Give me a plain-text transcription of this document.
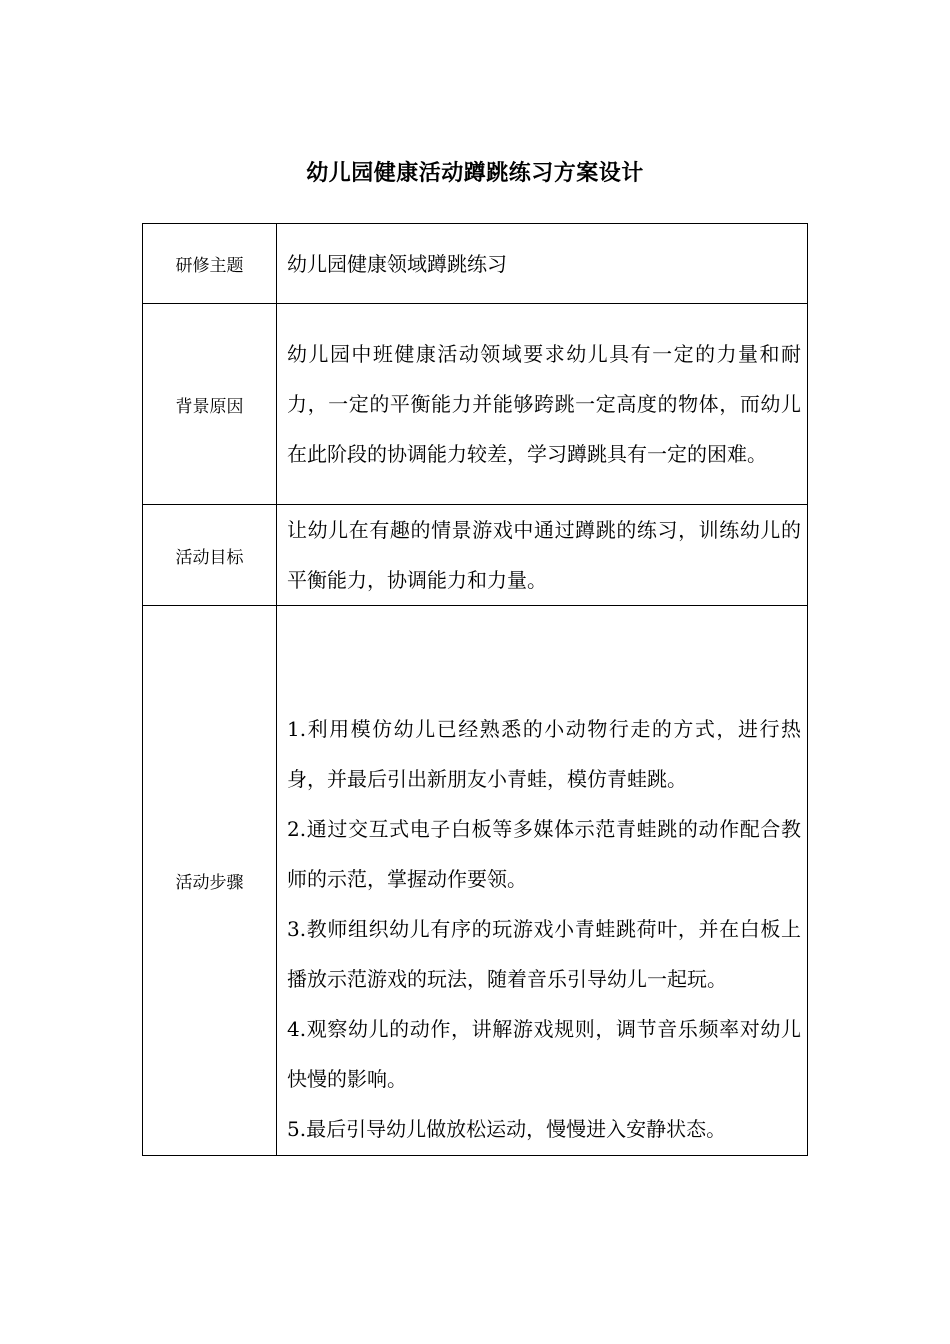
幼儿园健康活动蹲跳练习方案设计
研修主题	幼儿园健康领域蹲跳练习
背景原因	幼儿园中班健康活动领域要求幼儿具有一定的力量和耐力，一定的平衡能力并能够跨跳一定高度的物体，而幼儿在此阶段的协调能力较差，学习蹲跳具有一定的困难。
活动目标	让幼儿在有趣的情景游戏中通过蹲跳的练习，训练幼儿的平衡能力，协调能力和力量。
活动步骤	1.利用模仿幼儿已经熟悉的小动物行走的方式，进行热身，并最后引出新朋友小青蛙，模仿青蛙跳。
2.通过交互式电子白板等多媒体示范青蛙跳的动作配合教师的示范，掌握动作要领。
3.教师组织幼儿有序的玩游戏小青蛙跳荷叶，并在白板上播放示范游戏的玩法，随着音乐引导幼儿一起玩。
4.观察幼儿的动作，讲解游戏规则，调节音乐频率对幼儿快慢的影响。
5.最后引导幼儿做放松运动，慢慢进入安静状态。
